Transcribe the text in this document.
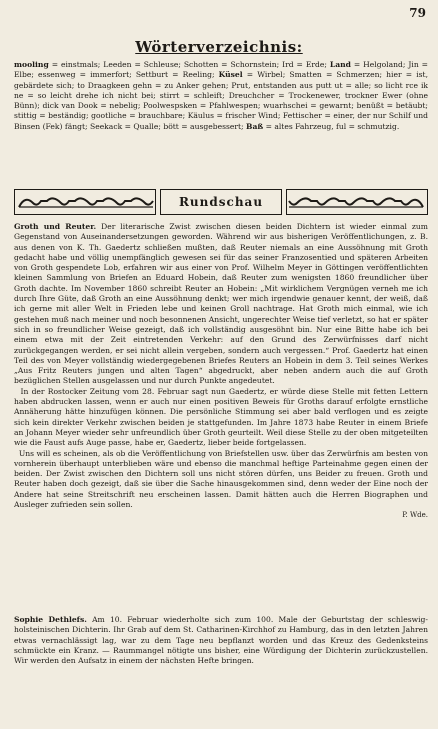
79
Wörterverzeichnis:
mooling = einstmals; Leeden = Schleuse; Schotten = Schornstein; Ird = Erde; Land = Helgoland; Jin = Elbe; essenweg = immerfort; Settburt = Reeling; Küsel = Wirbel; Smatten = Schmerzen; hier = ist, gebärdete sich; to Draagkeen gehn = zu Anker gehen; Prut, entstanden aus putt ut = alle; so licht rce ik ne = so leicht drehe ich nicht bei; stirrt = schleift; Dreuchcher = Trockenewer, trockner Ewer (ohne Bünn); dick van Dook = nebelig; Poolwespsken = Pfahlwespen; wuarhschei = gewarnt; benüßt = betäubt; stittig = beständig; gootliche = brauchbare; Käulus = frischer Wind; Fettischer = einer, der nur Schilf und Binsen (Fek) fängt; Seekack = Qualle; bött = ausgebessert; Baß = altes Fahrzeug, ful = schmutzig.
Rundschau

Groth und Reuter. Der literarische Zwist zwischen diesen beiden Dichtern ist wieder einmal zum Gegenstand von Auseinandersetzungen geworden. Während wir aus bisherigen Veröffentlichungen, z. B. aus denen von K. Th. Gaedertz schließen mußten, daß Reuter niemals an eine Aussöhnung mit Groth gedacht habe und völlig unempfänglich gewesen sei für das seiner Franzosentied und späteren Arbeiten von Groth gespendete Lob, erfahren wir aus einer von Prof. Wilhelm Meyer in Göttingen veröffentlichten kleinen Sammlung von Briefen an Eduard Hobein, daß Reuter zum wenigsten 1860 freundlicher über Groth dachte. Im November 1860 schreibt Reuter an Hobein: „Mit wirklichem Vergnügen verneh me ich durch Ihre Güte, daß Groth an eine Aussöhnung denkt; wer mich irgendwie genauer kennt, der weiß, daß ich gerne mit aller Welt in Frieden lebe und keinen Groll nachtrage. Hat Groth mich einmal, wie ich gestehen muß nach meiner und noch besonnenen Ansicht, ungerechter Weise tief verletzt, so hat er später sich in so freundlicher Weise gezeigt, daß ich vollständig ausgesöhnt bin. Nur eine Bitte habe ich bei einem etwa mit der Zeit eintretenden Verkehr: auf den Grund des Zerwürfnisses darf nicht zurückgegangen werden, er sei nicht allein vergeben, sondern auch vergessen.“ Prof. Gaedertz hat einen Teil des von Meyer vollständig wiedergegebenen Briefes Reuters an Hobein in dem 3. Teil seines Werkes „Aus Fritz Reuters jungen und alten Tagen“ abgedruckt, aber neben andern auch die auf Groth bezüglichen Stellen ausgelassen und nur durch Punkte angedeutet.

In der Rostocker Zeitung vom 28. Februar sagt nun Gaedertz, er würde diese Stelle mit fetten Lettern haben abdrucken lassen, wenn er auch nur einen positiven Beweis für Groths darauf erfolgte ernstliche Annäherung hätte hinzufügen können. Die persönliche Stimmung sei aber bald verflogen und es zeigte sich kein direkter Verkehr zwischen beiden je stattgefunden. Im Jahre 1873 habe Reuter in einem Briefe an Johann Meyer wieder sehr unfreundlich über Groth geurteilt. Weil diese Stelle zu der oben mitgeteilten wie die Faust aufs Auge passe, habe er, Gaedertz, lieber beide fortgelassen.

Uns will es scheinen, als ob die Veröffentlichung von Briefstellen usw. über das Zerwürfnis am besten von vornherein überhaupt unterblieben wäre und ebenso die manchmal heftige Parteinahme gegen einen der beiden. Der Zwist zwischen den Dichtern soll uns nicht stören dürfen, uns Beider zu freuen. Groth und Reuter haben doch gezeigt, daß sie über die Sache hinausgekommen sind, denn weder der Eine noch der Andere hat seine Streitschrift neu erscheinen lassen. Damit hätten auch die Herren Biographen und Ausleger zufrieden sein sollen.

P. Wde.

Sophie Dethlefs. Am 10. Februar wiederholte sich zum 100. Male der Geburtstag der schleswig-holsteinischen Dichterin. Ihr Grab auf dem St. Catharinen-Kirchhof zu Hamburg, das in den letzten Jahren etwas vernachlässigt lag, war zu dem Tage neu bepflanzt worden und das Kreuz des Gedenksteins schmückte ein Kranz. — Raummangel nötigte uns bisher, eine Würdigung der Dichterin zurückzustellen. Wir werden den Aufsatz in einem der nächsten Hefte bringen.
